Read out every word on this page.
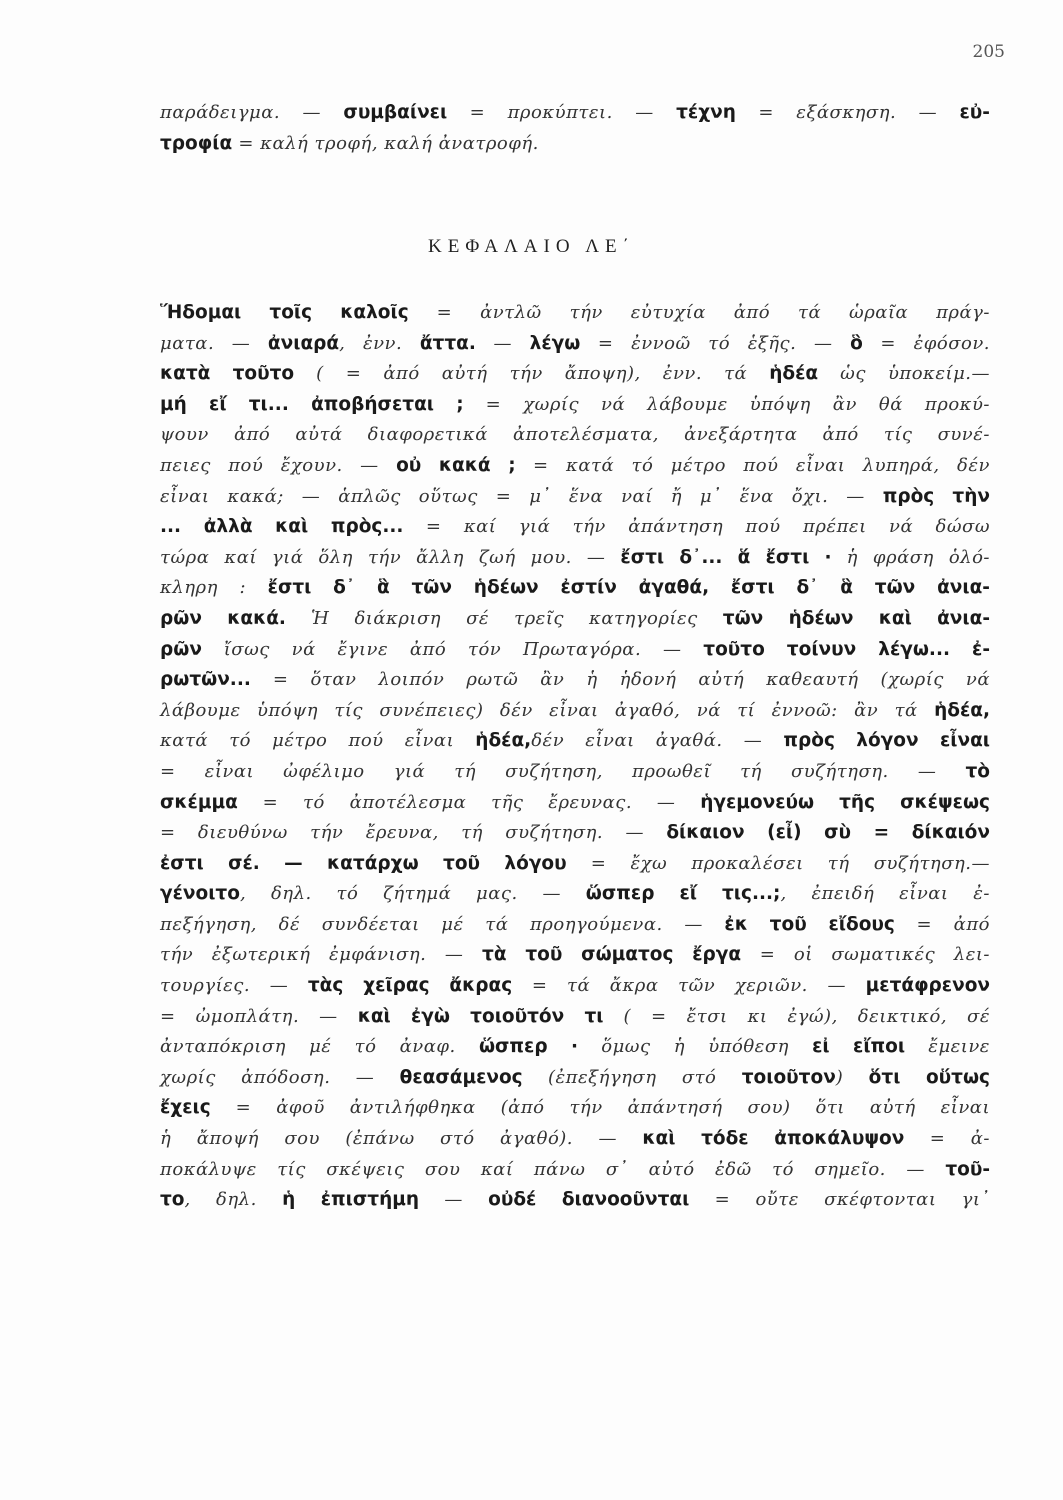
205
παράδειγμα. — συμβαίνει = προκύπτει. — τέχνη = εξάσκηση. — εὐ-
τροφία = καλή τροφή, καλή ἀνατροφή.
ΚΕΦΑΛΑΙΟ ΛΕ΄
Ἥδομαι τοῖς καλοῖς = ἀντλῶ τήν εὐτυχία ἀπό τά ὡραῖα πράγ-
ματα. — ἀνιαρά, ἐνν. ἄττα. — λέγω = ἐννοῶ τό ἑξῆς. — ὃ = ἐφόσον.
κατὰ τοῦτο ( = ἀπό αὐτή τήν ἄποψη), ἐνν. τά ἡδέα ὡς ὑποκείμ.—
μή εἴ τι... ἀποβήσεται ; = χωρίς νά λάβουμε ὑπόψη ἂν θά προκύ-
ψουν ἀπό αὐτά διαφορετικά ἀποτελέσματα, ἀνεξάρτητα ἀπό τίς συνέ-
πειες πού ἔχουν. — οὐ κακά ; = κατά τό μέτρο πού εἶναι λυπηρά, δέν
εἶναι κακά; — ἁπλῶς οὕτως = μ᾽ ἕνα ναί ἤ μ᾽ ἕνα ὄχι. — πρὸς τὴν
... ἀλλὰ καὶ πρὸς... = καί γιά τήν ἀπάντηση πού πρέπει νά δώσω
τώρα καί γιά ὅλη τήν ἄλλη ζωή μου. — ἔστι δ᾽... ἅ ἔστι · ἡ φράση ὁλό-
κληρη : ἔστι δ᾽ ἃ τῶν ἡδέων ἐστίν ἀγαθά, ἔστι δ᾽ ἃ τῶν ἀνια-
ρῶν κακά. Ἡ διάκριση σέ τρεῖς κατηγορίες τῶν ἡδέων καὶ ἀνια-
ρῶν ἴσως νά ἔγινε ἀπό τόν Πρωταγόρα. — τοῦτο τοίνυν λέγω... ἐ-
ρωτῶν... = ὅταν λοιπόν ρωτῶ ἂν ἡ ἡδονή αὐτή καθεαυτή (χωρίς νά
λάβουμε ὑπόψη τίς συνέπειες) δέν εἶναι ἀγαθό, νά τί ἐννοῶ: ἂν τά ἡδέα,
κατά τό μέτρο πού εἶναι ἡδέα,δέν εἶναι ἀγαθά. — πρὸς λόγον εἶναι
= εἶναι ὠφέλιμο γιά τή συζήτηση, προωθεῖ τή συζήτηση. — τὸ
σκέμμα = τό ἀποτέλεσμα τῆς ἔρευνας. — ἡγεμονεύω τῆς σκέψεως
= διευθύνω τήν ἔρευνα, τή συζήτηση. — δίκαιον (εἶ) σὺ = δίκαιόν
ἐστι σέ. — κατάρχω τοῦ λόγου = ἔχω προκαλέσει τή συζήτηση.—
γένοιτο, δηλ. τό ζήτημά μας. — ὥσπερ εἴ τις...;, ἐπειδή εἶναι ἐ-
πεξήγηση, δέ συνδέεται μέ τά προηγούμενα. — ἐκ τοῦ εἴδους = ἀπό
τήν ἐξωτερική ἐμφάνιση. — τὰ τοῦ σώματος ἔργα = οἱ σωματικές λει-
τουργίες. — τὰς χεῖρας ἄκρας = τά ἄκρα τῶν χεριῶν. — μετάφρενον
= ὠμοπλάτη. — καὶ ἐγὼ τοιοῦτόν τι ( = ἔτσι κι ἐγώ), δεικτικό, σέ
ἀνταπόκριση μέ τό ἀναφ. ὥσπερ · ὅμως ἡ ὑπόθεση εἰ εἴποι ἔμεινε
χωρίς ἀπόδοση. — θεασάμενος (ἐπεξήγηση στό τοιοῦτον) ὅτι οὕτως
ἔχεις = ἀφοῦ ἀντιλήφθηκα (ἀπό τήν ἀπάντησή σου) ὅτι αὐτή εἶναι
ἡ ἄποψή σου (ἐπάνω στό ἀγαθό). — καὶ τόδε ἀποκάλυψον = ἀ-
ποκάλυψε τίς σκέψεις σου καί πάνω σ᾽ αὐτό ἐδῶ τό σημεῖο. — τοῦ-
το, δηλ. ἡ ἐπιστήμη — οὐδέ διανοοῦνται = οὔτε σκέφτονται γι᾽
